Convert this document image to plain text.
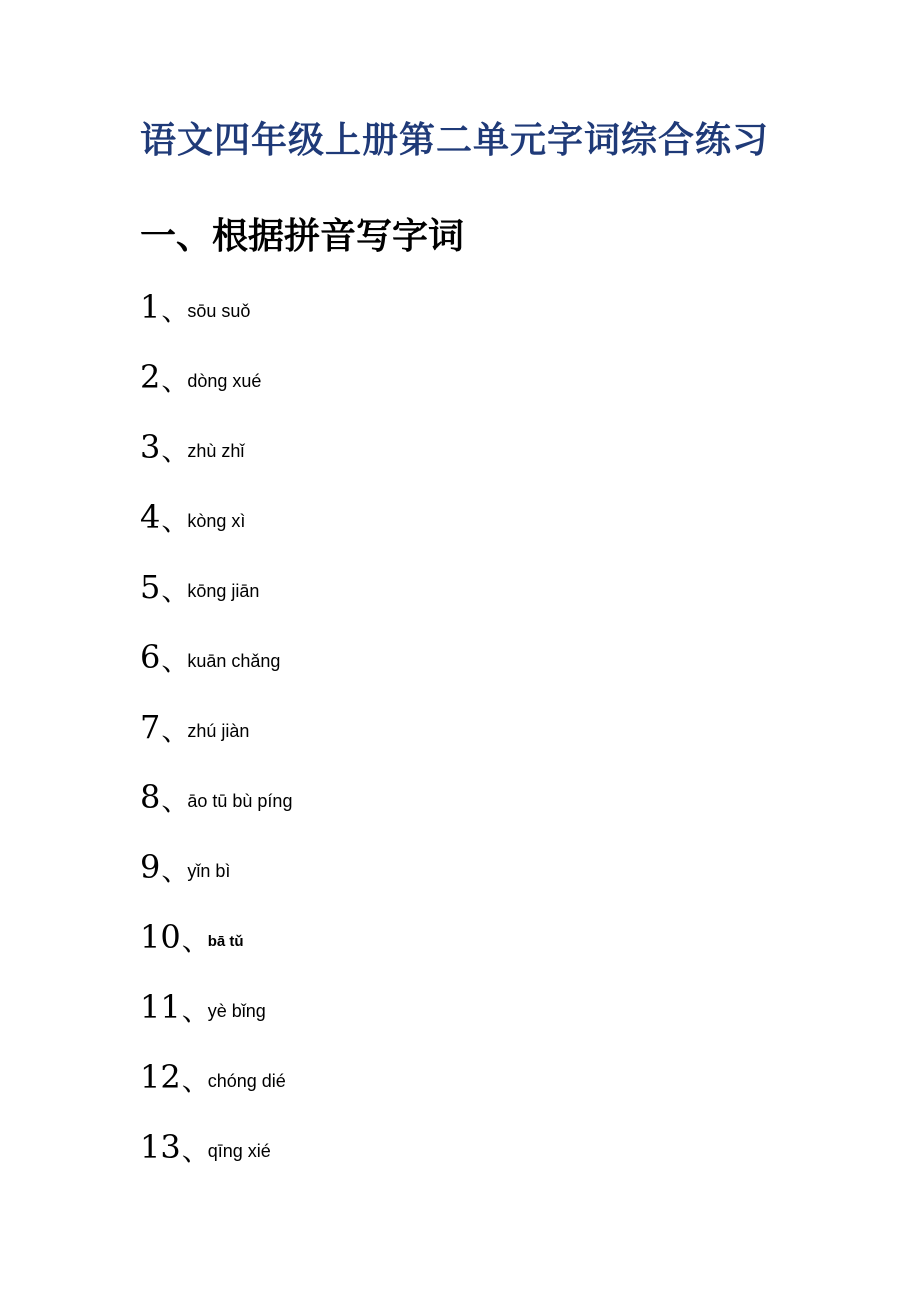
语文四年级上册第二单元字词综合练习
一、根据拼音写字词
1 、
sōu suǒ
2 、
dòng xué
3 、
zhù zhǐ
4 、
kòng xì
5 、
kōng jiān
6 、
kuān chǎng
7 、
zhú jiàn
8 、
āo tū bù píng
9 、
yǐn bì
10 、
bā tǔ
11 、
yè bǐng
12 、
chóng dié
13 、
qīng xié
